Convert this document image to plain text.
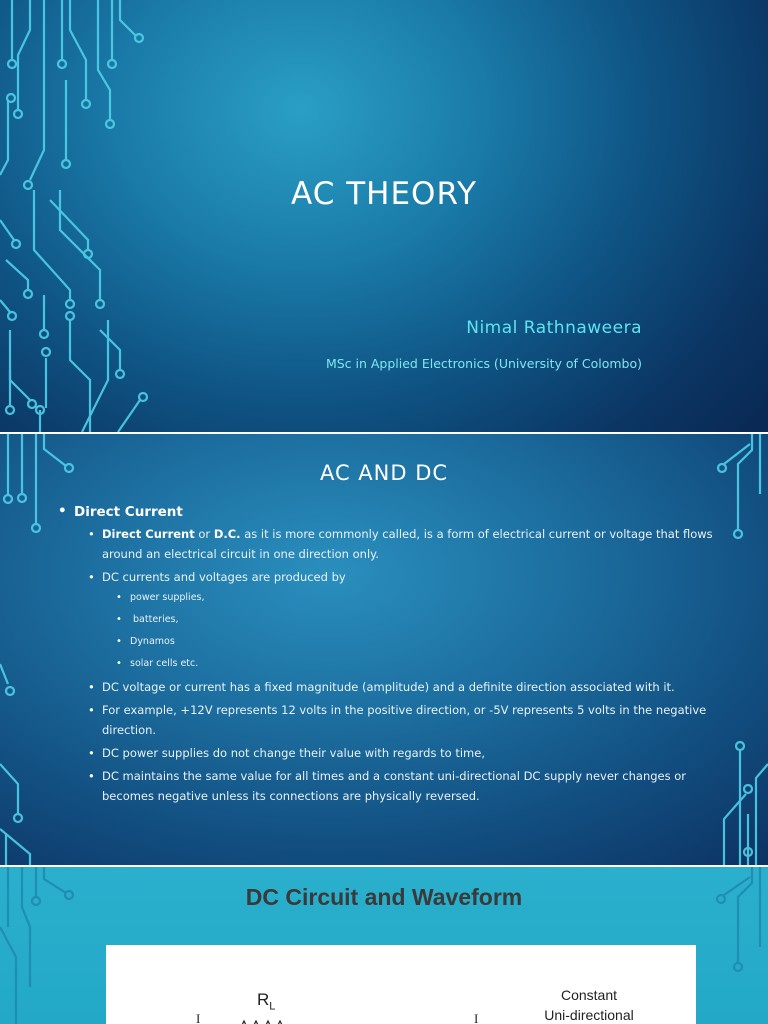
AC THEORY
Nimal Rathnaweera
MSc in Applied Electronics (University of Colombo)
AC AND DC
• Direct Current
• Direct Current or D.C. as it is more commonly called, is a form of electrical current or voltage that flows around an electrical circuit in one direction only.
• DC currents and voltages are produced by
• power supplies,
•  batteries,
• Dynamos
• solar cells etc.
• DC voltage or current has a fixed magnitude (amplitude) and a definite direction associated with it.
• For example, +12V represents 12 volts in the positive direction, or -5V represents 5 volts in the negative direction.
• DC power supplies do not change their value with regards to time,
• DC maintains the same value for all times and a constant uni-directional DC supply never changes or becomes negative unless its connections are physically reversed.
DC Circuit and Waveform
$R_L$
I	I
Constant
Uni-directional
